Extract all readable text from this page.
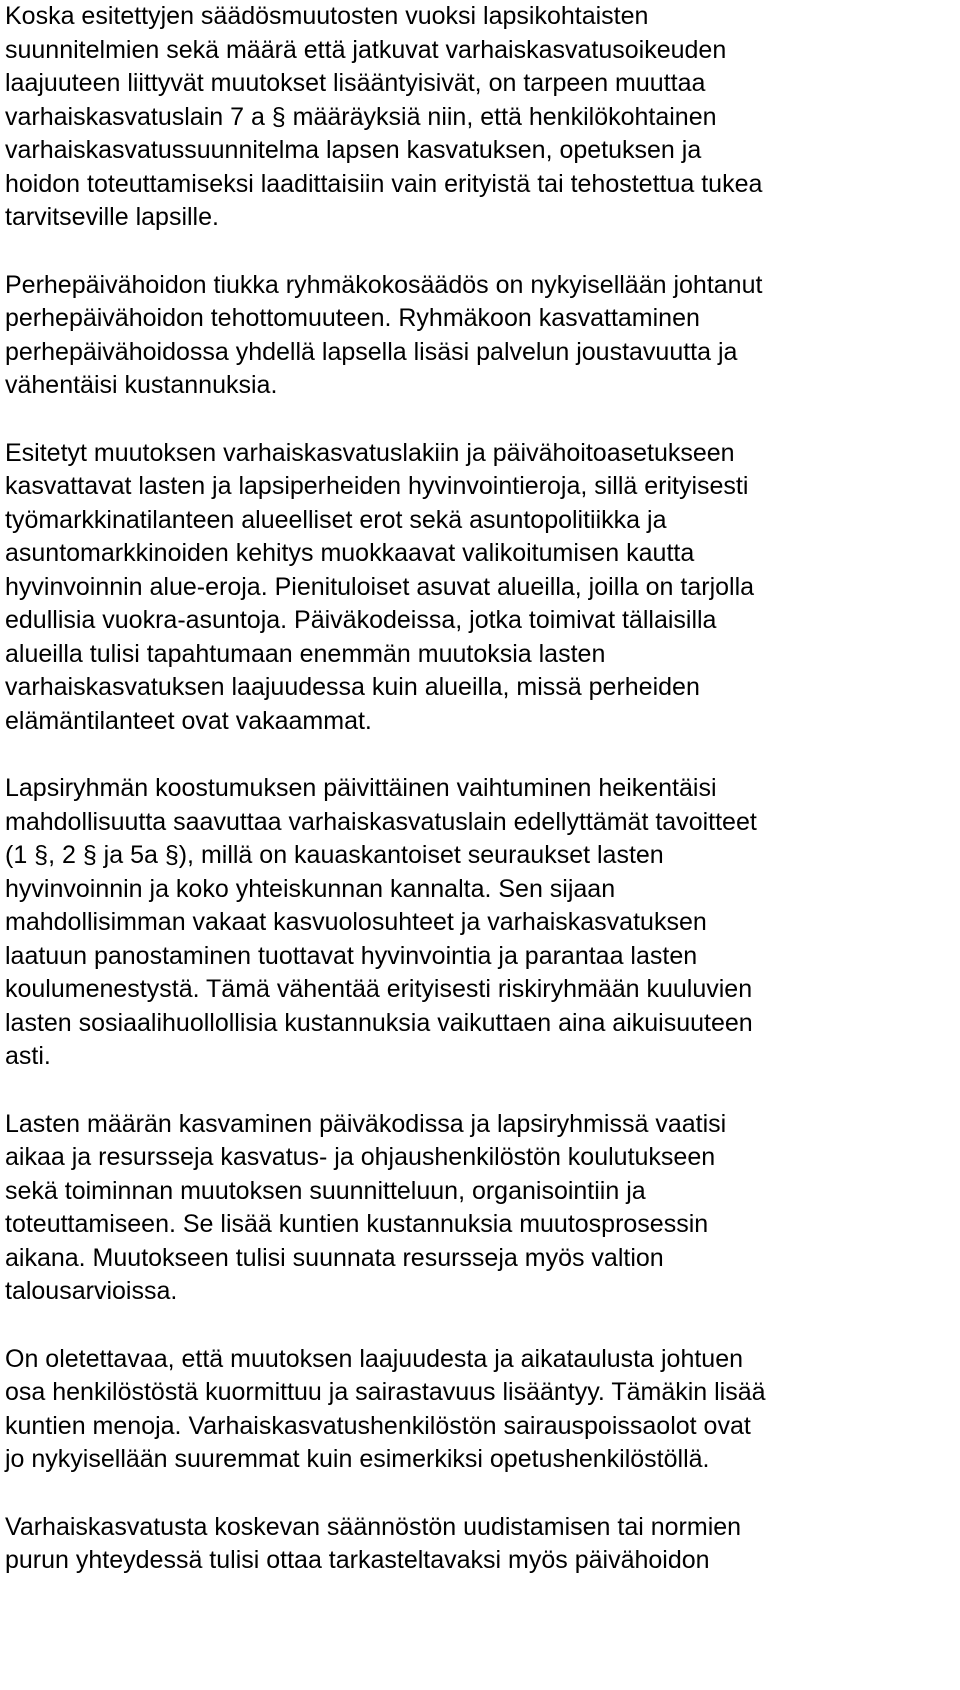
Koska esitettyjen säädösmuutosten vuoksi lapsikohtaisten
suunnitelmien sekä määrä että jatkuvat varhaiskasvatusoikeuden
laajuuteen liittyvät muutokset lisääntyisivät, on tarpeen muuttaa
varhaiskasvatuslain 7 a § määräyksiä niin, että henkilökohtainen
varhaiskasvatussuunnitelma lapsen kasvatuksen, opetuksen ja
hoidon toteuttamiseksi laadittaisiin vain erityistä tai tehostettua tukea
tarvitseville lapsille.
Perhepäivähoidon tiukka ryhmäkokosäädös on nykyisellään johtanut
perhepäivähoidon tehottomuuteen. Ryhmäkoon kasvattaminen
perhepäivähoidossa yhdellä lapsella lisäsi palvelun joustavuutta ja
vähentäisi kustannuksia.
Esitetyt muutoksen varhaiskasvatuslakiin ja päivähoitoasetukseen
kasvattavat lasten ja lapsiperheiden hyvinvointieroja, sillä erityisesti
työmarkkinatilanteen alueelliset erot sekä asuntopolitiikka ja
asuntomarkkinoiden kehitys muokkaavat valikoitumisen kautta
hyvinvoinnin alue-eroja. Pienituloiset asuvat alueilla, joilla on tarjolla
edullisia vuokra-asuntoja. Päiväkodeissa, jotka toimivat tällaisilla
alueilla tulisi tapahtumaan enemmän muutoksia lasten
varhaiskasvatuksen laajuudessa kuin alueilla, missä perheiden
elämäntilanteet ovat vakaammat.
Lapsiryhmän koostumuksen päivittäinen vaihtuminen heikentäisi
mahdollisuutta saavuttaa varhaiskasvatuslain edellyttämät tavoitteet
(1 §, 2 § ja 5a §), millä on kauaskantoiset seuraukset lasten
hyvinvoinnin ja koko yhteiskunnan kannalta. Sen sijaan
mahdollisimman vakaat kasvuolosuhteet ja varhaiskasvatuksen
laatuun panostaminen tuottavat hyvinvointia ja parantaa lasten
koulumenestystä. Tämä vähentää erityisesti riskiryhmään kuuluvien
lasten sosiaalihuollollisia kustannuksia vaikuttaen aina aikuisuuteen
asti.
Lasten määrän kasvaminen päiväkodissa ja lapsiryhmissä vaatisi
aikaa ja resursseja kasvatus- ja ohjaushenkilöstön koulutukseen
sekä toiminnan muutoksen suunnitteluun, organisointiin ja
toteuttamiseen. Se lisää kuntien kustannuksia muutosprosessin
aikana. Muutokseen tulisi suunnata resursseja myös valtion
talousarvioissa.
On oletettavaa, että muutoksen laajuudesta ja aikataulusta johtuen
osa henkilöstöstä kuormittuu ja sairastavuus lisääntyy. Tämäkin lisää
kuntien menoja. Varhaiskasvatushenkilöstön sairauspoissaolot ovat
jo nykyisellään suuremmat kuin esimerkiksi opetushenkilöstöllä.
Varhaiskasvatusta koskevan säännöstön uudistamisen tai normien
purun yhteydessä tulisi ottaa tarkasteltavaksi myös päivähoidon
